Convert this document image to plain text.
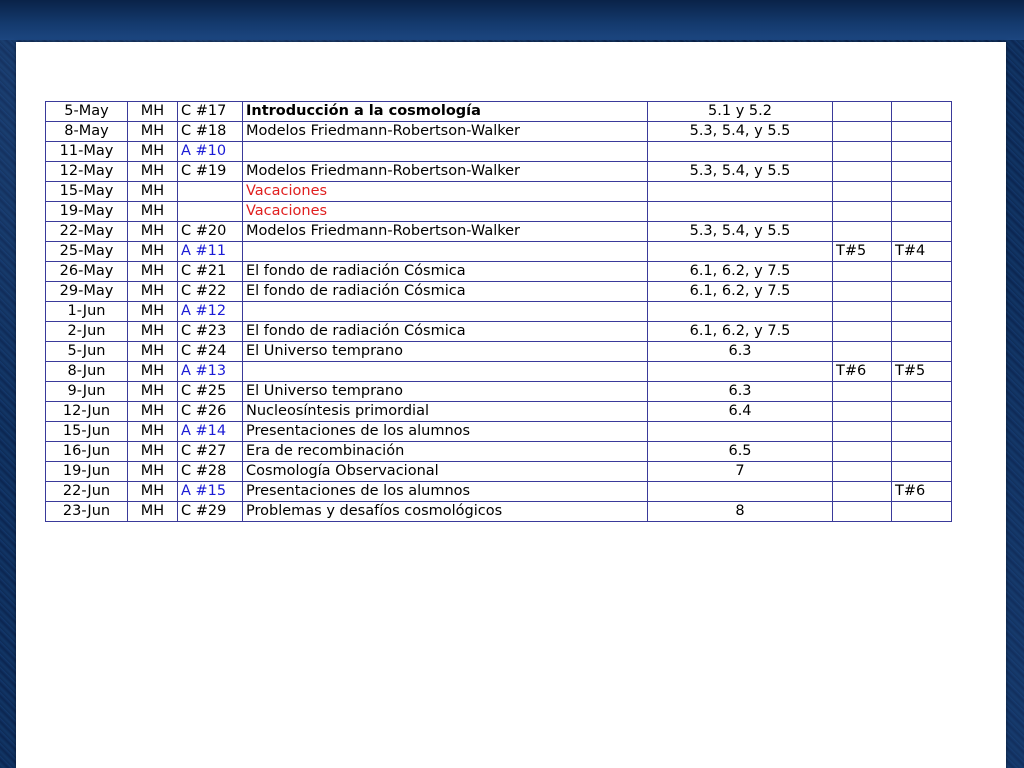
5-May	MH	C #17	Introducción a la cosmología	5.1 y 5.2		
8-May	MH	C #18	Modelos Friedmann-Robertson-Walker	5.3, 5.4, y 5.5		
11-May	MH	A #10				
12-May	MH	C #19	Modelos Friedmann-Robertson-Walker	5.3, 5.4, y 5.5		
15-May	MH		Vacaciones			
19-May	MH		Vacaciones			
22-May	MH	C #20	Modelos Friedmann-Robertson-Walker	5.3, 5.4, y 5.5		
25-May	MH	A #11			T#5	T#4
26-May	MH	C #21	El fondo de radiación Cósmica	6.1, 6.2, y 7.5		
29-May	MH	C #22	El fondo de radiación Cósmica	6.1, 6.2, y 7.5		
1-Jun	MH	A #12				
2-Jun	MH	C #23	El fondo de radiación Cósmica	6.1, 6.2, y 7.5		
5-Jun	MH	C #24	El Universo temprano	6.3		
8-Jun	MH	A #13			T#6	T#5
9-Jun	MH	C #25	El Universo temprano	6.3		
12-Jun	MH	C #26	Nucleosíntesis primordial	6.4		
15-Jun	MH	A #14	Presentaciones de los alumnos			
16-Jun	MH	C #27	Era de recombinación	6.5		
19-Jun	MH	C #28	Cosmología Observacional	7		
22-Jun	MH	A #15	Presentaciones de los alumnos			T#6
23-Jun	MH	C #29	Problemas y desafíos cosmológicos	8		
